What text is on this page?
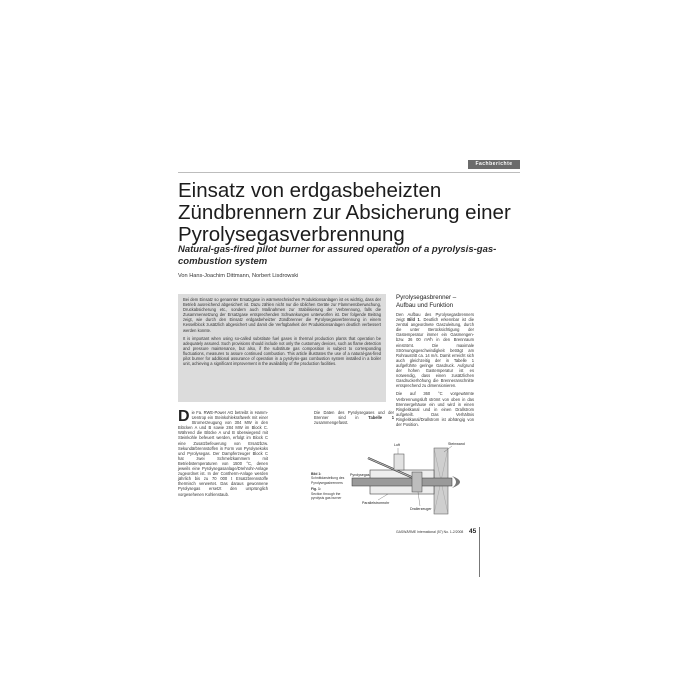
Fachberichte
Einsatz von erdgasbeheizten Zündbrennern zur Absicherung einer Pyrolysegasverbrennung
Natural-gas-fired pilot burner for assured operation of a pyrolysis-gas-combustion system
Von Hans-Joachim Dittmann, Norbert Lisdrowski

Bei dem Einsatz so genannter Ersatzgase in wärmetechnischen Produktionsanlagen ist es wichtig, dass der Betrieb ausreichend abgesichert ist. Dazu zählen nicht nur die üblichen Geräte zur Flammenüberwachung, Druckabsicherung etc., sondern auch Maßnahmen zur Stabilisierung der Verbrennung, falls die Zusammensetzung der Ersatzgase entsprechenden Schwankungen unterworfen ist. Der folgende Beitrag zeigt, wie durch den Einsatz erdgasbeheizter Zündbrenner die Pyrolysegasverbrennung in einem Kesselblock zusätzlich abgesichert und damit die Verfügbarkeit der Produktionsanlagen deutlich verbessert werden konnte.

It is important when using so-called substitute fuel gases in thermal production plants that operation be adequately assured. Such provisions should include not only the customary devices, such as flame detection and pressure maintenance, but also, if the substitute gas composition is subject to corresponding fluctuations, measures to assure continued combustion. This article illustrates the use of a natural-gas-fired pilot burner for additional assurance of operation in a pyrolysis-gas combustion system installed in a boiler unit, achieving a significant improvement in the availability of the production facilities.

Die Fa. RWE-Power AG betreibt in Hamm-Uentrop ein Steinkohlekraftwerk mit einer Stromerzeugung von 304 MW in den Blöcken A und B sowie 284 MW im Block C. Während die Blöcke A und B überwiegend mit Steinkohle befeuert werden, erfolgt im Block C eine Zusatzbefeuerung von Ersatzbzw. Sekundärbrennstoffen in Form von Pyrolysekoks und Pyrolysegas. Der Dampferzeuger Block C hat zwei Schmelzkammern mit Betriebstemperaturen von 1500 °C, denen jeweils eine Pyrolysegasanlage/Drehrohr-Anlage zugeordnet ist. In der Contherm-Anlage werden jährlich bis zu 70 000 t Ersatzbrennstoffe thermisch verwertet. Das daraus gewonnene Pyrolysegas ersetzt den ursprünglich vorgesehenen Kohlenstaub.

Die Daten des Pyrolysegases und der Brenner sind in Tabelle 1 zusammengefasst.

Pyrolysegasbrenner – Aufbau und Funktion

Den Aufbau des Pyrolysegasbrenners zeigt Bild 1. Deutlich erkennbar ist die zentral angeordnete Gaszuleitung, durch die unter Berücksichtigung der Gastemperatur immer ein Gasmengen- bzw. 36 00 m³/h in den Brennraum einströmt. Die maximale Strömungsgeschwindigkeit beträgt am Rohraustritt ca. 14 m/s. Damit erreicht sich auch gleichzeitig der in Tabelle 1 aufgeführte geringe Gasdruck. Aufgrund der hohen Gastemperatur ist es notwendig, dass einen zusätzlichen Gasdruckerhöhung die Brenneranschnitte entsprechend zu dimensionieren.

Die auf 360 °C vorgewärmte Verbrennungsluft strömt von oben in das Brennergehäuse ein und wird in einen Ringleitkanal und in einen Drallstrom aufgeteilt. Das Verhältnis Ringleitkanal/Drallstrom ist abhängig von der Position.

Luft	Steinwand
Pyrolysegas
Parallelstromrohr
Drallerzeuger
Bild 1:
Schnittdarstellung des Pyrolysegasbrenners
Fig. 1:
Section through the pyrolysis gas burner
GASWÄRME International (57) No. 1-2/2008 45
